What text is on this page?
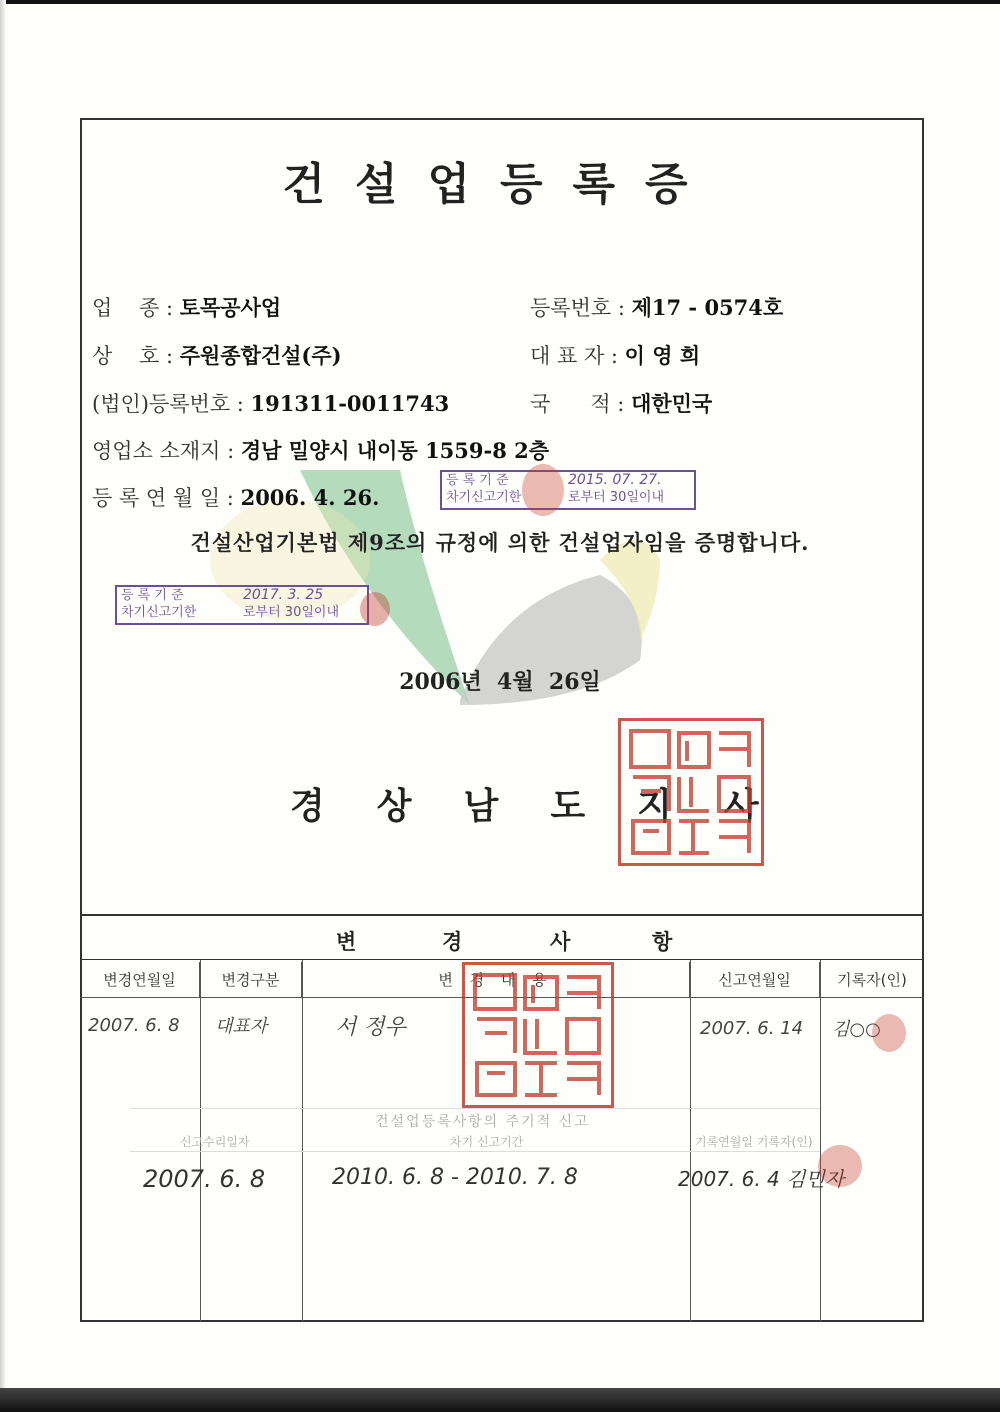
건설업등록증
업    종 : 토목공사업	등록번호 : 제17 - 0574호
상    호 : 주원종합건설(주)	대 표 자 : 이 영 희
(법인)등록번호 : 191311-0011743	국      적 : 대한민국
영업소 소재지 : 경남 밀양시 내이동 1559-8 2층
등 록 연 월 일 : 2006. 4. 26.
등 록 기 준	2015. 07. 27.
차기신고기한	로부터 30일이내
건설산업기본법 제9조의 규정에 의한 건설업자임을 증명합니다.
등 록 기 준	2017. 3. 25
차기신고기한	로부터 30일이내
2006년  4월  26일
경상남도지사
변	경	사	항
변경연월일	변경구분	변 경 내 용	신고연월일	기록자(인)
2007. 6. 8 대표자	서 정우	2007. 6. 14 김○○
건설업등록사항의 주기적 신고
신고수리일자	차기 신고기간	기록연월일 기록자(인)
2007. 6. 8	2010. 6. 8 - 2010. 7. 8	2007. 6. 4 김민자
